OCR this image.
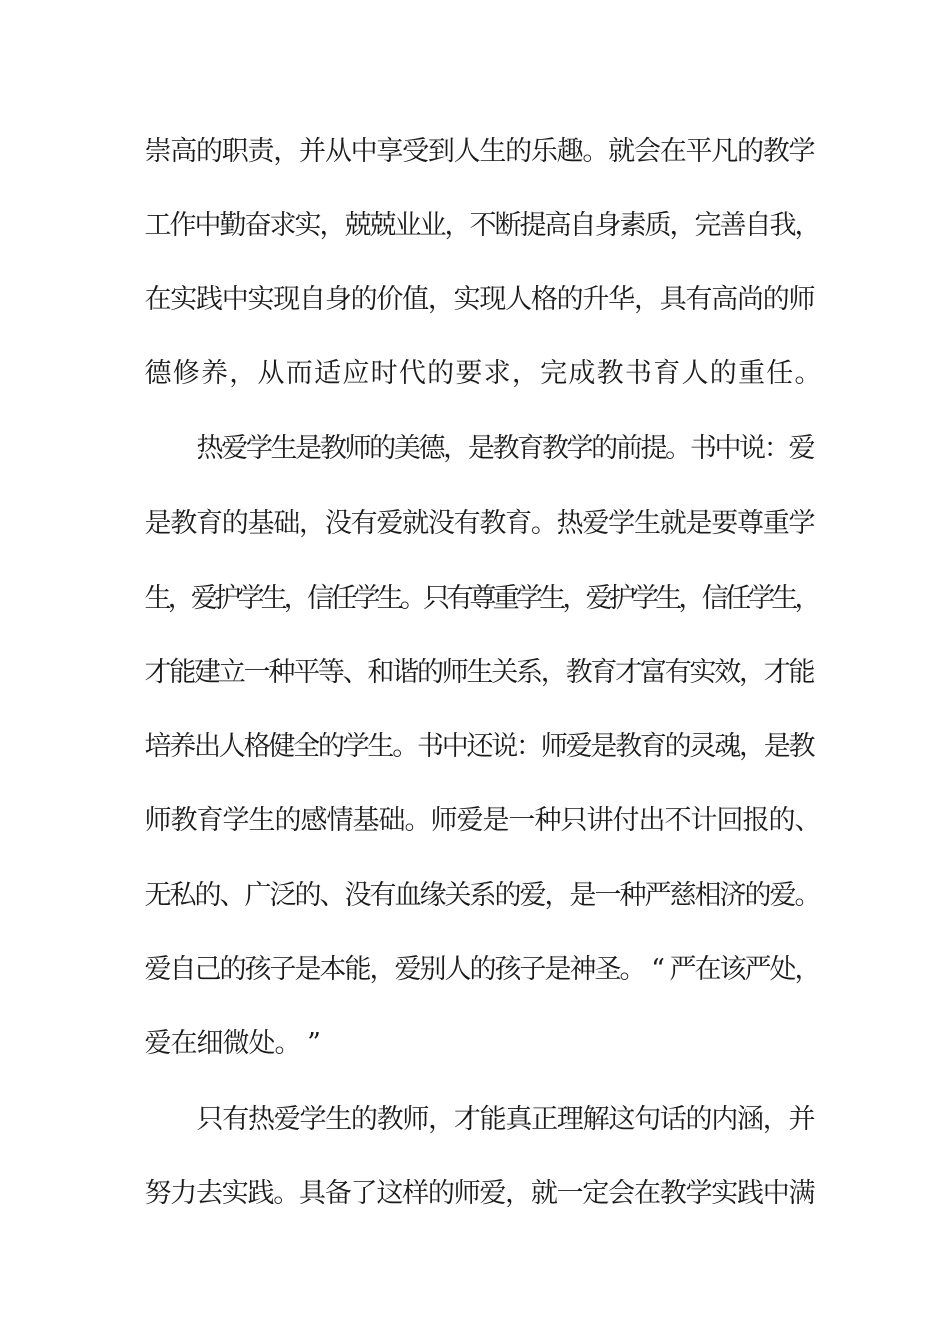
崇
高
的
职
责
，
并
从
中
享
受
到
人
生
的
乐
趣
。
就
会
在
平
凡
的
教
学
工
作
中
勤
奋
求
实
，
兢
兢
业
业
，
不
断
提
高
自
身
素
质
，
完
善
自
我
，
在
实
践
中
实
现
自
身
的
价
值
，
实
现
人
格
的
升
华
，
具
有
高
尚
的
师
德 修 养 ， 从 而 适 应 时 代 的 要 求 ， 完 成 教 书 育 人 的 重 任 。
热
爱
学
生
是
教
师
的
美
德
，
是
教
育
教
学
的
前
提
。
书
中
说
：
爱
是
教
育
的
基
础
，
没
有
爱
就
没
有
教
育
。
热
爱
学
生
就
是
要
尊
重
学
生
，
爱
护
学
生
，
信
任
学
生
。
只
有
尊
重
学
生
，
爱
护
学
生
，
信
任
学
生
，
才
能
建
立
一
种
平
等
、
和
谐
的
师
生
关
系
，
教
育
才
富
有
实
效
，
才
能
培
养
出
人
格
健
全
的
学
生
。
书
中
还
说
：
师
爱
是
教
育
的
灵
魂
，
是
教
师 教 育 学 生 的 感 情 基 础 。 师 爱 是 一 种 只 讲 付 出 不 计 回 报 的 、
无
私
的
、
广
泛
的
、
没
有
血
缘
关
系
的
爱
，
是
一
种
严
慈
相
济
的
爱
。
爱
自
己
的
孩
子
是
本
能
，
爱
别
人
的
孩
子
是
神
圣
。 “ 严
在
该
严
处
，
爱 在 细 微 处 。 ”
只
有
热
爱
学
生
的
教
师
，
才
能
真
正
理
解
这
句
话
的
内
涵
，
并
努
力
去
实
践
。
具
备
了
这
样
的
师
爱
，
就
一
定
会
在
教
学
实
践
中
满
